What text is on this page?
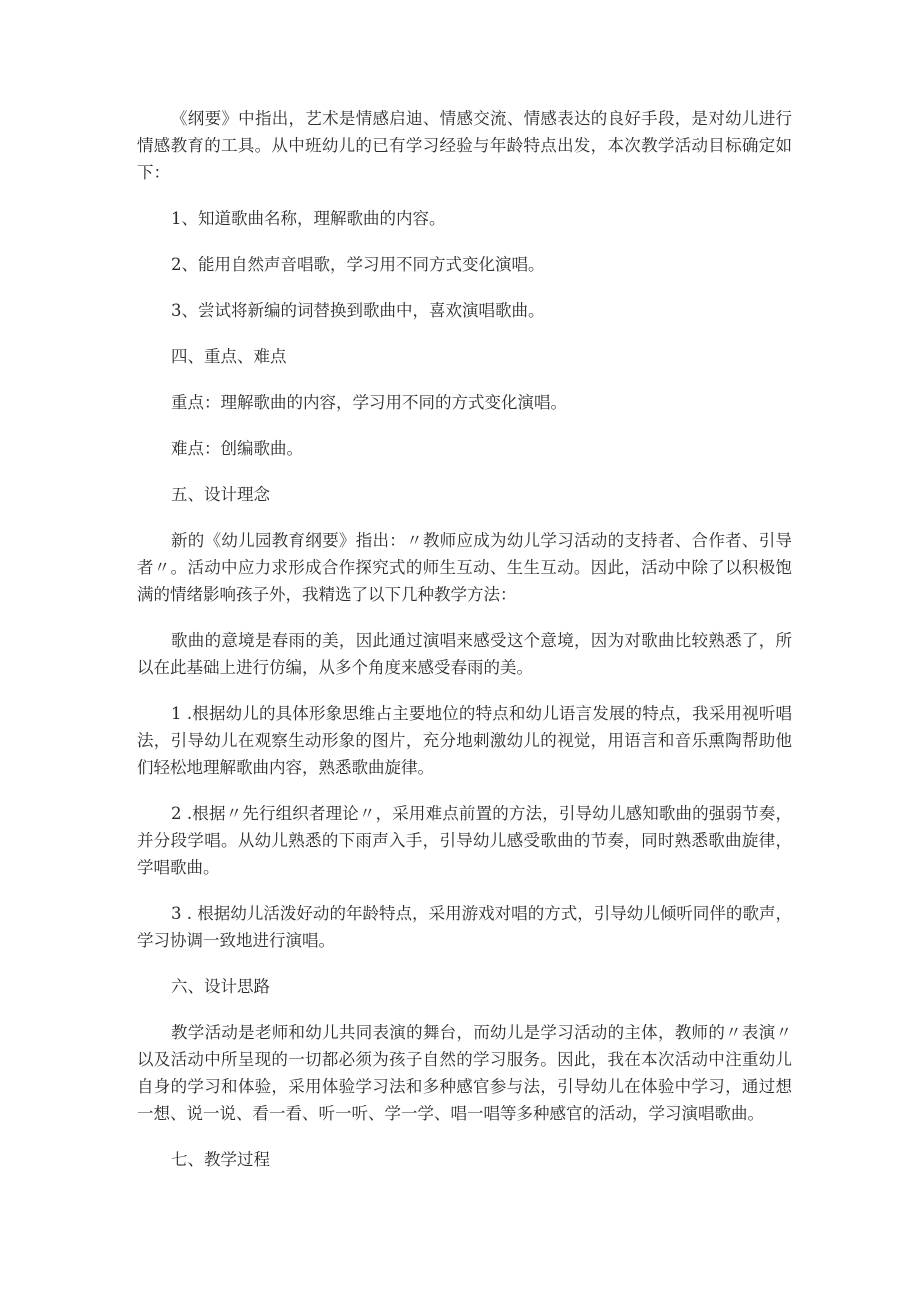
《纲要》中指出，艺术是情感启迪、情感交流、情感表达的良好手段，是对幼儿进行情感教育的工具。从中班幼儿的已有学习经验与年龄特点出发，本次教学活动目标确定如下：

1、知道歌曲名称，理解歌曲的内容。

2、能用自然声音唱歌，学习用不同方式变化演唱。

3、尝试将新编的词替换到歌曲中，喜欢演唱歌曲。

四、重点、难点

重点：理解歌曲的内容，学习用不同的方式变化演唱。

难点：创编歌曲。

五、设计理念

新的《幼儿园教育纲要》指出：〃教师应成为幼儿学习活动的支持者、合作者、引导者〃。活动中应力求形成合作探究式的师生互动、生生互动。因此，活动中除了以积极饱满的情绪影响孩子外，我精选了以下几种教学方法：

歌曲的意境是春雨的美，因此通过演唱来感受这个意境，因为对歌曲比较熟悉了，所以在此基础上进行仿编，从多个角度来感受春雨的美。

1 .根据幼儿的具体形象思维占主要地位的特点和幼儿语言发展的特点，我采用视听唱法，引导幼儿在观察生动形象的图片，充分地刺激幼儿的视觉，用语言和音乐熏陶帮助他们轻松地理解歌曲内容，熟悉歌曲旋律。

2 .根据〃先行组织者理论〃，采用难点前置的方法，引导幼儿感知歌曲的强弱节奏，并分段学唱。从幼儿熟悉的下雨声入手，引导幼儿感受歌曲的节奏，同时熟悉歌曲旋律，学唱歌曲。

3 . 根据幼儿活泼好动的年龄特点，采用游戏对唱的方式，引导幼儿倾听同伴的歌声，学习协调一致地进行演唱。

六、设计思路

教学活动是老师和幼儿共同表演的舞台，而幼儿是学习活动的主体，教师的〃表演〃以及活动中所呈现的一切都必须为孩子自然的学习服务。因此，我在本次活动中注重幼儿自身的学习和体验，采用体验学习法和多种感官参与法，引导幼儿在体验中学习，通过想一想、说一说、看一看、听一听、学一学、唱一唱等多种感官的活动，学习演唱歌曲。

七、教学过程
